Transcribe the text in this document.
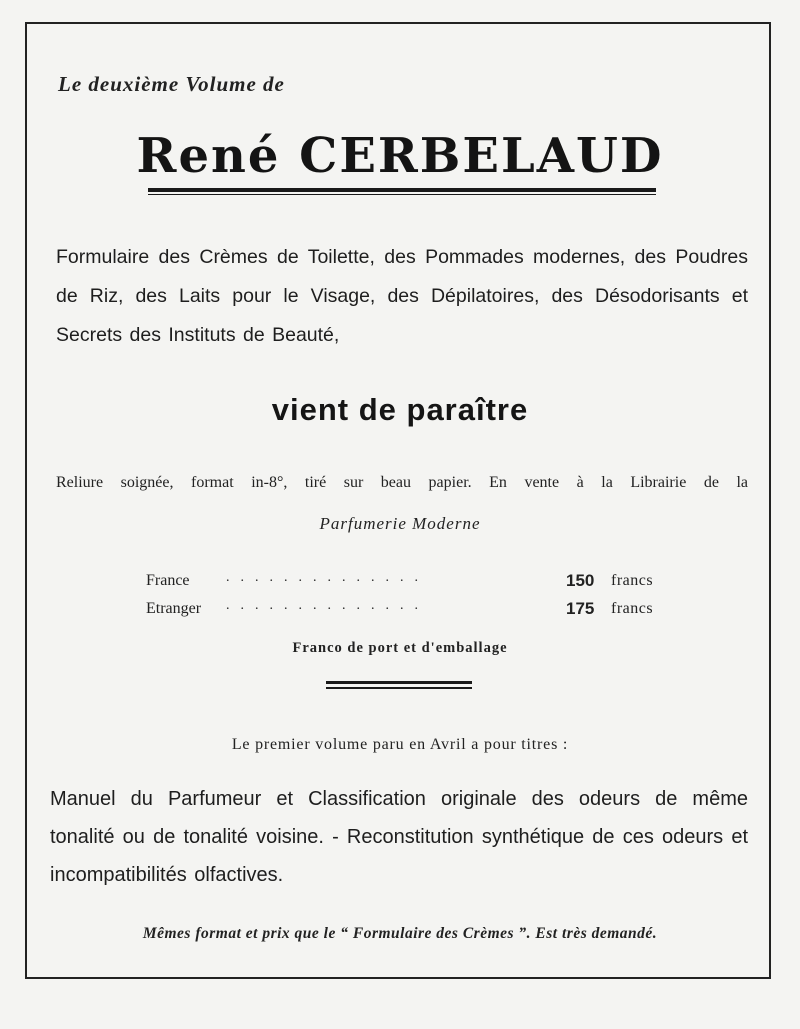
Le deuxième Volume de
René CERBELAUD
Formulaire des Crèmes de Toilette, des Pommades modernes, des Poudres de Riz, des Laits pour le Visage, des Dépilatoires, des Désodorisants et Secrets des Instituts de Beauté,
vient de paraître
Reliure soignée, format in-8°, tiré sur beau papier. En vente à la Librairie de la
Parfumerie Moderne
France	..............	150 francs
Etranger ..............	175 francs
Franco de port et d'emballage
Le premier volume paru en Avril a pour titres :
Manuel du Parfumeur et Classification originale des odeurs de même tonalité ou de tonalité voisine. - Reconstitution synthétique de ces odeurs et incompatibilités olfactives.
Mêmes format et prix que le “ Formulaire des Crèmes ”. Est très demandé.
